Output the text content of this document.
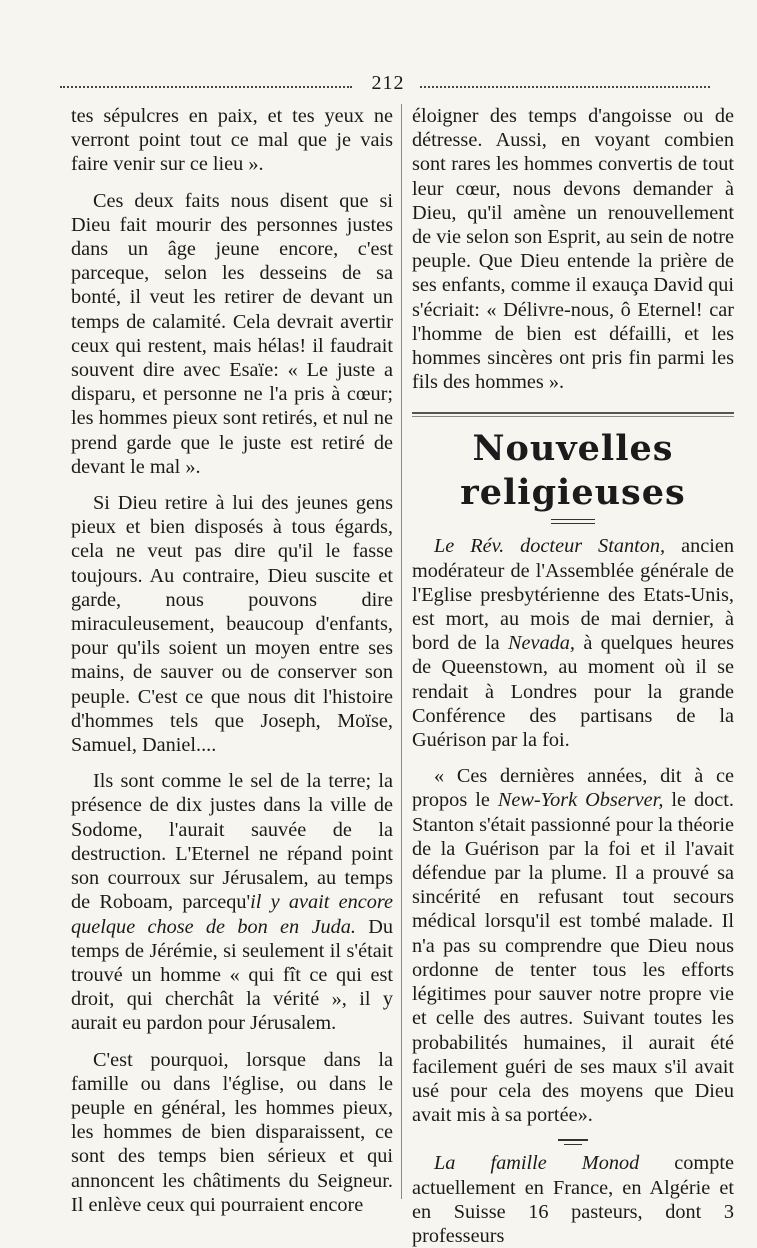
212

tes sépulcres en paix, et tes yeux ne verront point tout ce mal que je vais faire venir sur ce lieu ».

Ces deux faits nous disent que si Dieu fait mourir des personnes justes dans un âge jeune encore, c'est parceque, selon les desseins de sa bonté, il veut les retirer de devant un temps de calamité. Cela devrait avertir ceux qui restent, mais hélas! il faudrait souvent dire avec Esaïe: « Le juste a disparu, et personne ne l'a pris à cœur; les hommes pieux sont retirés, et nul ne prend garde que le juste est retiré de devant le mal ».

Si Dieu retire à lui des jeunes gens pieux et bien disposés à tous égards, cela ne veut pas dire qu'il le fasse toujours. Au contraire, Dieu suscite et garde, nous pouvons dire miraculeusement, beaucoup d'enfants, pour qu'ils soient un moyen entre ses mains, de sauver ou de conserver son peuple. C'est ce que nous dit l'histoire d'hommes tels que Joseph, Moïse, Samuel, Daniel....

Ils sont comme le sel de la terre; la présence de dix justes dans la ville de Sodome, l'aurait sauvée de la destruction. L'Eternel ne répand point son courroux sur Jérusalem, au temps de Roboam, parcequ'il y avait encore quelque chose de bon en Juda. Du temps de Jérémie, si seulement il s'était trouvé un homme « qui fît ce qui est droit, qui cherchât la vérité », il y aurait eu pardon pour Jérusalem.

C'est pourquoi, lorsque dans la famille ou dans l'église, ou dans le peuple en général, les hommes pieux, les hommes de bien disparaissent, ce sont des temps bien sérieux et qui annoncent les châtiments du Seigneur. Il enlève ceux qui pourraient encore

éloigner des temps d'angoisse ou de détresse. Aussi, en voyant combien sont rares les hommes convertis de tout leur cœur, nous devons demander à Dieu, qu'il amène un renouvellement de vie selon son Esprit, au sein de notre peuple. Que Dieu entende la prière de ses enfants, comme il exauça David qui s'écriait: « Délivre-nous, ô Eternel! car l'homme de bien est défailli, et les hommes sincères ont pris fin parmi les fils des hommes ».

Nouvelles religieuses

Le Rév. docteur Stanton, ancien modérateur de l'Assemblée générale de l'Eglise presbytérienne des Etats-Unis, est mort, au mois de mai dernier, à bord de la Nevada, à quelques heures de Queenstown, au moment où il se rendait à Londres pour la grande Conférence des partisans de la Guérison par la foi.

« Ces dernières années, dit à ce propos le New-York Observer, le doct. Stanton s'était passionné pour la théorie de la Guérison par la foi et il l'avait défendue par la plume. Il a prouvé sa sincérité en refusant tout secours médical lorsqu'il est tombé malade. Il n'a pas su comprendre que Dieu nous ordonne de tenter tous les efforts légitimes pour sauver notre propre vie et celle des autres. Suivant toutes les probabilités humaines, il aurait été facilement guéri de ses maux s'il avait usé pour cela des moyens que Dieu avait mis à sa portée».

La famille Monod compte actuellement en France, en Algérie et en Suisse 16 pasteurs, dont 3 professeurs
